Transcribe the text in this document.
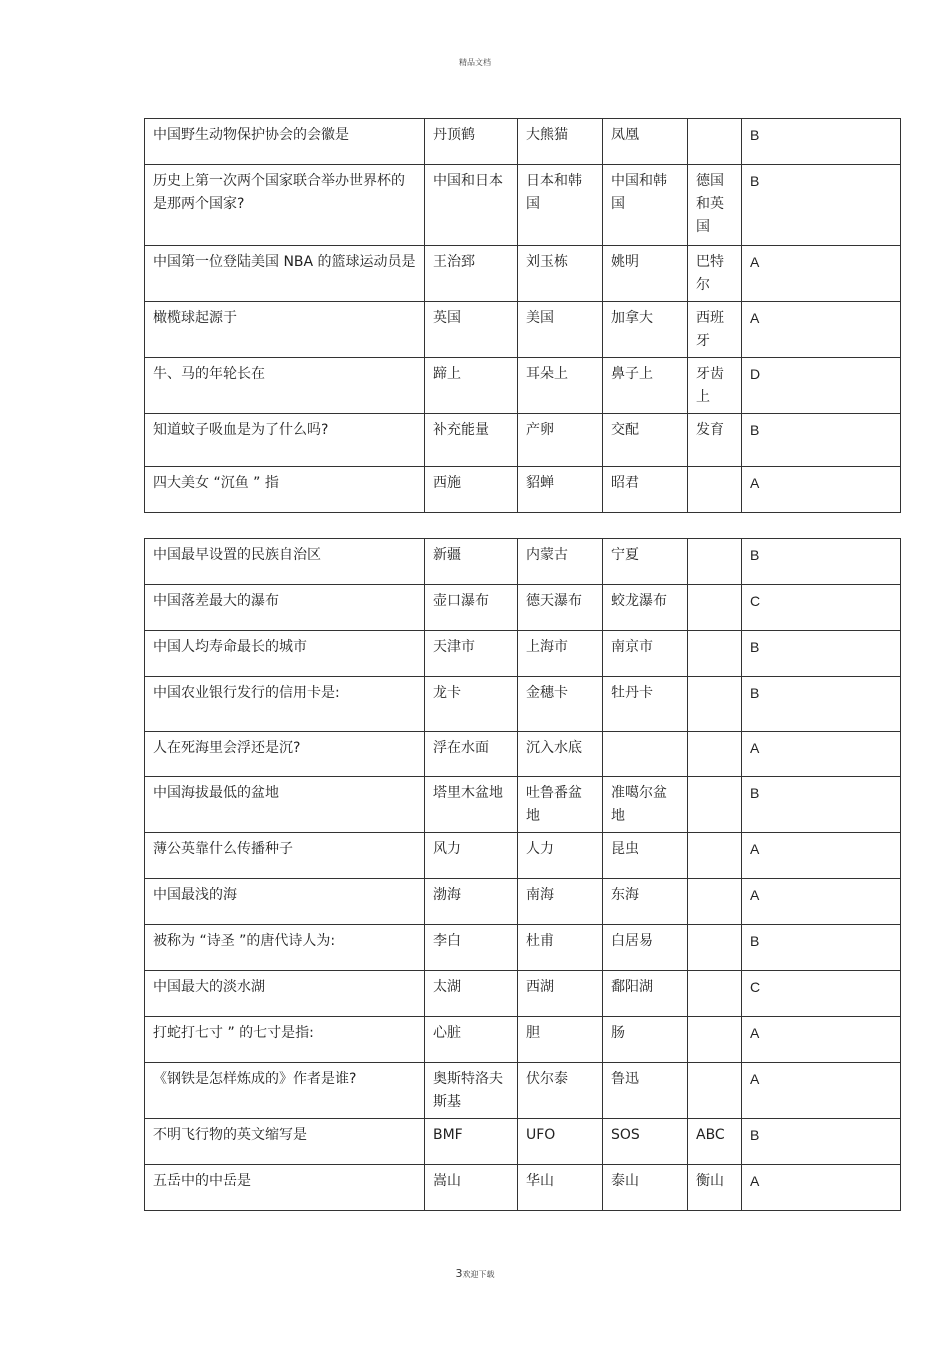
精品文档
中国野生动物保护协会的会徽是	丹顶鹤	大熊猫	凤凰		B
历史上第一次两个国家联合举办世界杯的是那两个国家?	中国和日本	日本和韩国	中国和韩国	德国和英国	B
中国第一位登陆美国 NBA 的篮球运动员是	王治郅	刘玉栋	姚明	巴特尔	A
橄榄球起源于	英国	美国	加拿大	西班牙	A
牛、马的年轮长在	蹄上	耳朵上	鼻子上	牙齿上	D
知道蚊子吸血是为了什么吗?	补充能量	产卵	交配	发育	B
四大美女 “沉鱼 ” 指	西施	貂蝉	昭君		A
中国最早设置的民族自治区	新疆	内蒙古	宁夏		B
中国落差最大的瀑布	壶口瀑布	德天瀑布	蛟龙瀑布		C
中国人均寿命最长的城市	天津市	上海市	南京市		B
中国农业银行发行的信用卡是:	龙卡	金穗卡	牡丹卡		B
人在死海里会浮还是沉?	浮在水面	沉入水底			A
中国海拔最低的盆地	塔里木盆地	吐鲁番盆地	准噶尔盆地		B
薄公英靠什么传播种子	风力	人力	昆虫		A
中国最浅的海	渤海	南海	东海		A
被称为 “诗圣 ”的唐代诗人为:	李白	杜甫	白居易		B
中国最大的淡水湖	太湖	西湖	鄱阳湖		C
打蛇打七寸 ” 的七寸是指:	心脏	胆	肠		A
《钢铁是怎样炼成的》作者是谁?	奥斯特洛夫斯基	伏尔泰	鲁迅		A
不明飞行物的英文缩写是	BMF	UFO	SOS	ABC	B
五岳中的中岳是	嵩山	华山	泰山	衡山	A
3欢迎下载
